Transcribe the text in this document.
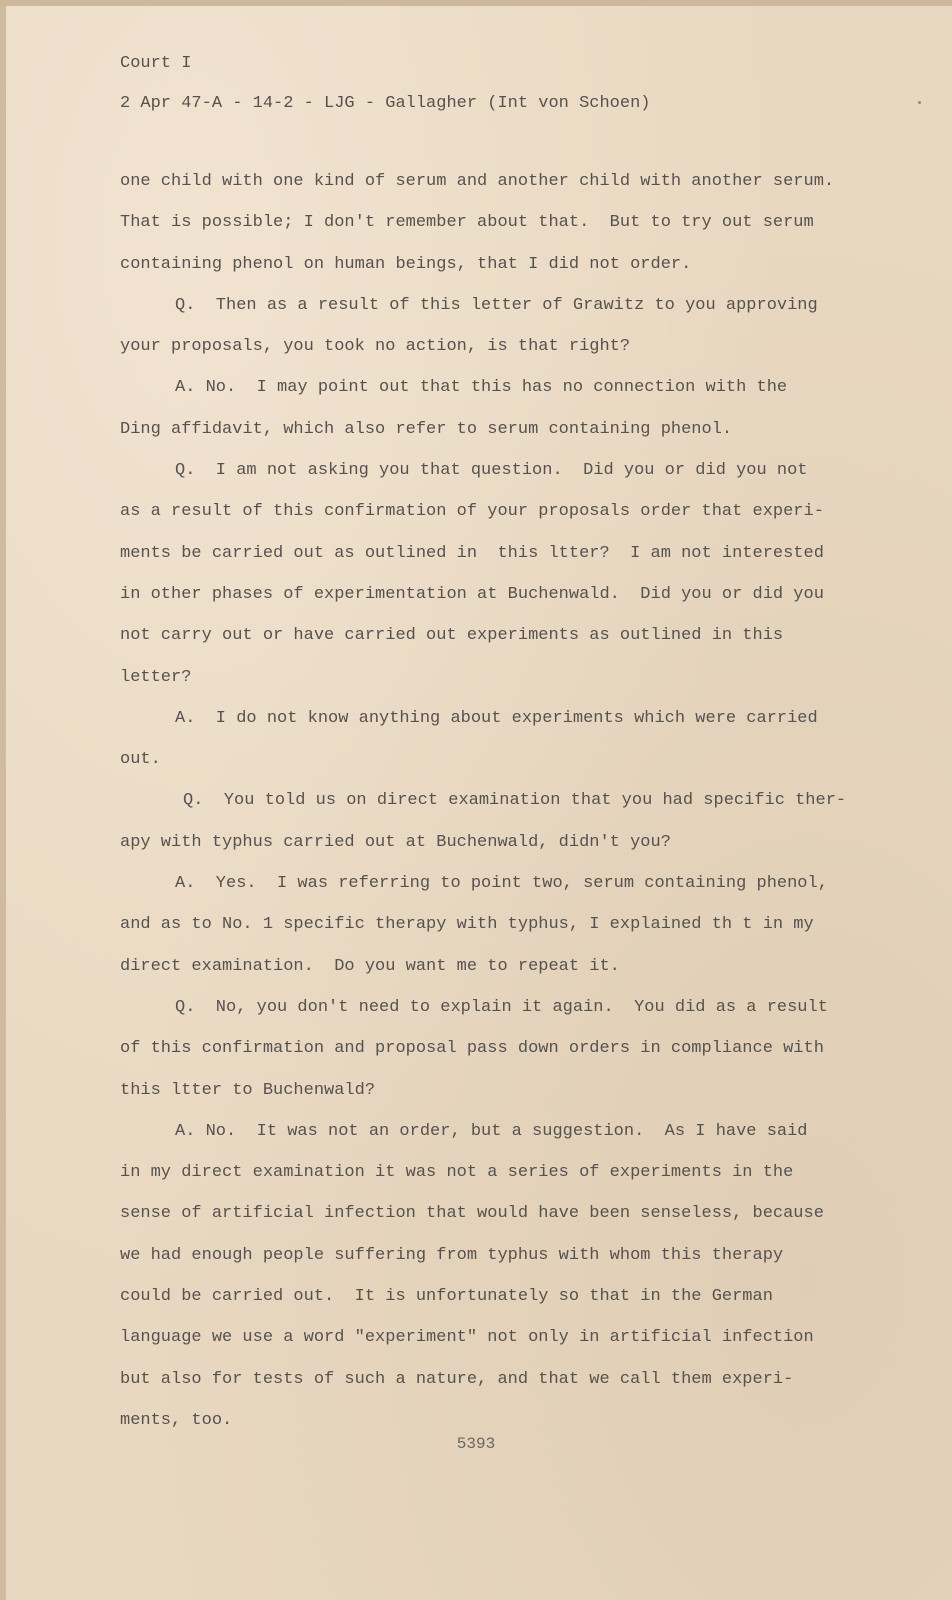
Court I
2 Apr 47-A - 14-2 - LJG - Gallagher (Int von Schoen)
one child with one kind of serum and another child with another serum.
That is possible; I don't remember about that.  But to try out serum
containing phenol on human beings, that I did not order.
Q.  Then as a result of this letter of Grawitz to you approving
your proposals, you took no action, is that right?
A. No.  I may point out that this has no connection with the
Ding affidavit, which also refer to serum containing phenol.
Q.  I am not asking you that question.  Did you or did you not
as a result of this confirmation of your proposals order that experi-
ments be carried out as outlined in  this ltter?  I am not interested
in other phases of experimentation at Buchenwald.  Did you or did you
not carry out or have carried out experiments as outlined in this
letter?
A.  I do not know anything about experiments which were carried
out.
Q.  You told us on direct examination that you had specific ther-
apy with typhus carried out at Buchenwald, didn't you?
A.  Yes.  I was referring to point two, serum containing phenol,
and as to No. 1 specific therapy with typhus, I explained th t in my
direct examination.  Do you want me to repeat it.
Q.  No, you don't need to explain it again.  You did as a result
of this confirmation and proposal pass down orders in compliance with
this ltter to Buchenwald?
A. No.  It was not an order, but a suggestion.  As I have said
in my direct examination it was not a series of experiments in the
sense of artificial infection that would have been senseless, because
we had enough people suffering from typhus with whom this therapy
could be carried out.  It is unfortunately so that in the German
language we use a word "experiment" not only in artificial infection
but also for tests of such a nature, and that we call them experi-
ments, too.
5393
